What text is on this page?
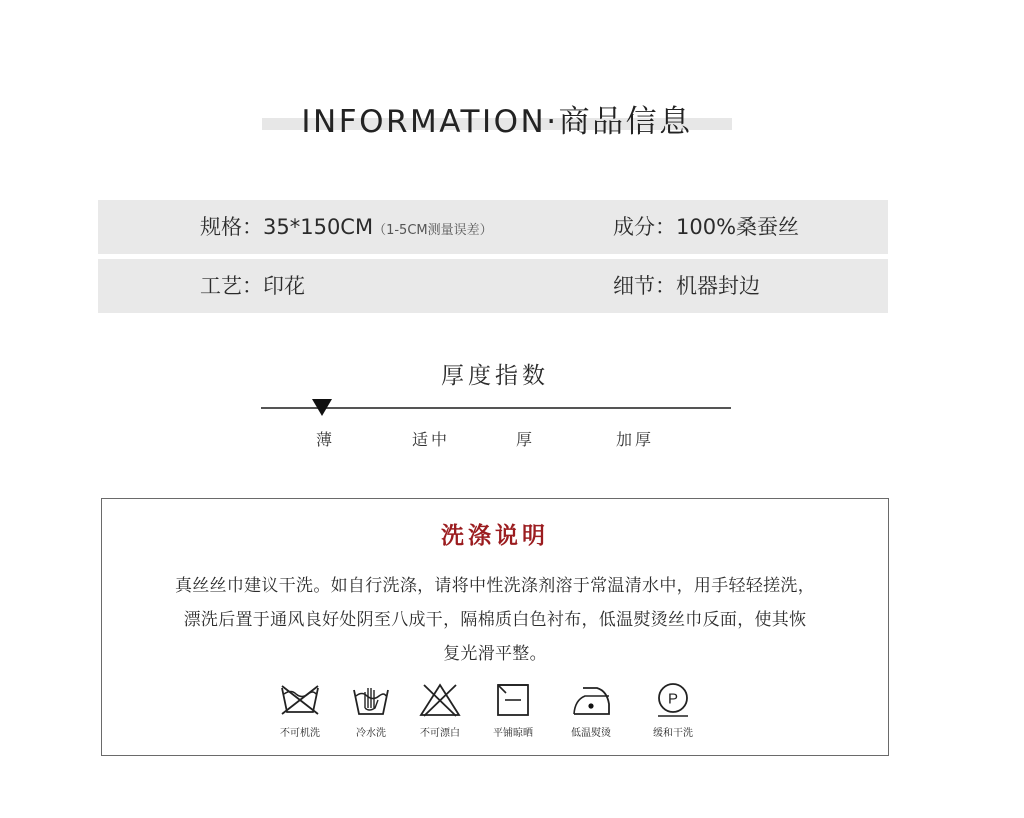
INFORMATION·商品信息
规格：35*150CM（1-5CM测量误差）	成分：100%桑蚕丝
工艺：印花	细节：机器封边
厚度指数
薄	适中	厚	加厚
洗涤说明
真丝丝巾建议干洗。如自行洗涤，请将中性洗涤剂溶于常温清水中，用手轻轻搓洗，
漂洗后置于通风良好处阴至八成干，隔棉质白色衬布，低温熨烫丝巾反面，使其恢
复光滑平整。
不可机洗	冷水洗	不可漂白	平铺晾晒	低温熨烫
P
缓和干洗
